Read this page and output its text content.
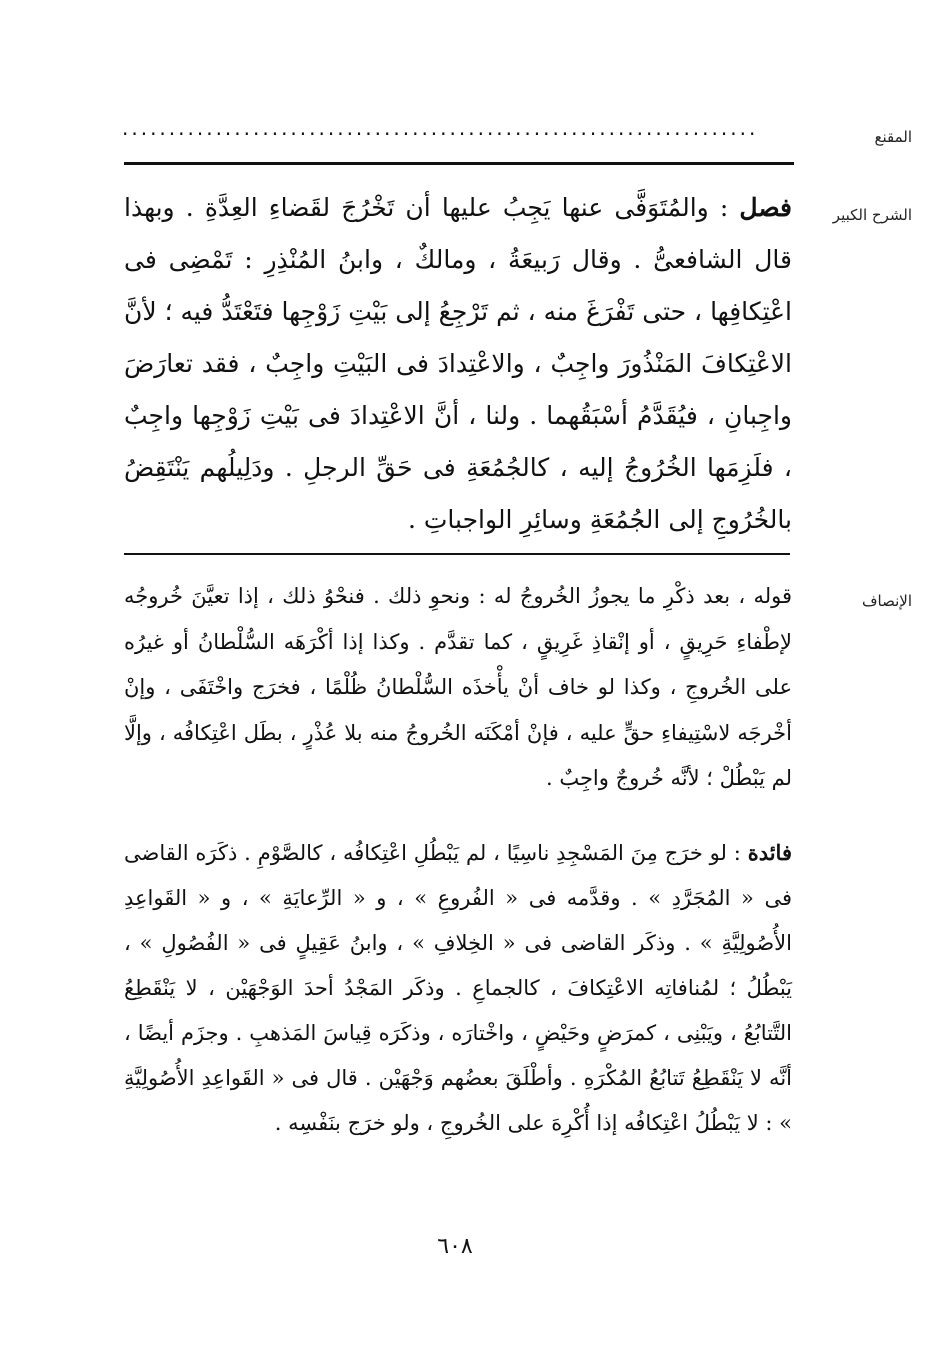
المقنع
....................................................................
الشرح الكبير

فصل : والمُتَوَفَّى عنها يَجِبُ عليها أن تَخْرُجَ لقَضاءِ العِدَّةِ . وبهذا قال الشافعىُّ . وقال رَبيعَةُ ، ومالكٌ ، وابنُ المُنْذِرِ : تَمْضِى فى اعْتِكافِها ، حتى تَفْرَغَ منه ، ثم تَرْجِعُ إلى بَيْتِ زَوْجِها فتَعْتَدُّ فيه ؛ لأنَّ الاعْتِكافَ المَنْذُورَ واجِبٌ ، والاعْتِدادَ فى البَيْتِ واجِبٌ ، فقد تعارَضَ واجِبانِ ، فيُقَدَّمُ أسْبَقُهما . ولنا ، أنَّ الاعْتِدادَ فى بَيْتِ زَوْجِها واجِبٌ ، فلَزِمَها الخُرُوجُ إليه ، كالجُمُعَةِ فى حَقِّ الرجلِ . ودَلِيلُهم يَنْتَقِضُ بالخُرُوجِ إلى الجُمُعَةِ وسائِرِ الواجباتِ .

الإنصاف

قوله ، بعد ذكْرِ ما يجوزُ الخُروجُ له : ونحوِ ذلك . فنحْوُ ذلك ، إذا تعيَّنَ خُروجُه لإطْفاءِ حَرِيقٍ ، أو إنْقاذِ غَرِيقٍ ، كما تقدَّم . وكذا إذا أكْرَهَه السُّلْطانُ أو غيرُه على الخُروجِ ، وكذا لو خاف أنْ يأْخذَه السُّلْطانُ ظُلْمًا ، فخرَج واخْتَفَى ، وإنْ أخْرجَه لاسْتِيفاءِ حقٍّ عليه ، فإنْ أمْكَنَه الخُروجُ منه بلا عُذْرٍ ، بطَل اعْتِكافُه ، وإلَّا لم يَبْطُلْ ؛ لأنَّه خُروجٌ واجِبٌ .

فائدة : لو خرَج مِنَ المَسْجِدِ ناسِيًا ، لم يَبْطُلِ اعْتِكافُه ، كالصَّوْمِ . ذكَرَه القاضى فى « المُجَرَّدِ » . وقدَّمه فى « الفُروعِ » ، و « الرِّعايَةِ » ، و « القَواعِدِ الأُصُولِيَّةِ » . وذكَر القاضى فى « الخِلافِ » ، وابنُ عَقِيلٍ فى « الفُصُولِ » ، يَبْطُلُ ؛ لمُنافاتِه الاعْتِكافَ ، كالجماعِ . وذكَر المَجْدُ أحدَ الوَجْهَيْن ، لا يَنْقَطِعُ التَّتابُعُ ، ويَبْنِى ، كمرَضٍ وحَيْضٍ ، واخْتارَه ، وذكَرَه قِياسَ المَذهبِ . وجزَم أيضًا ، أنَّه لا يَنْقَطِعُ تَتابُعُ المُكْرَهِ . وأطْلَقَ بعضُهم وَجْهَيْن . قال فى « القَواعِدِ الأُصُولِيَّةِ » : لا يَبْطُلُ اعْتِكافُه إذا أُكْرِهَ على الخُروجِ ، ولو خرَج بنَفْسِه .

٦٠٨
